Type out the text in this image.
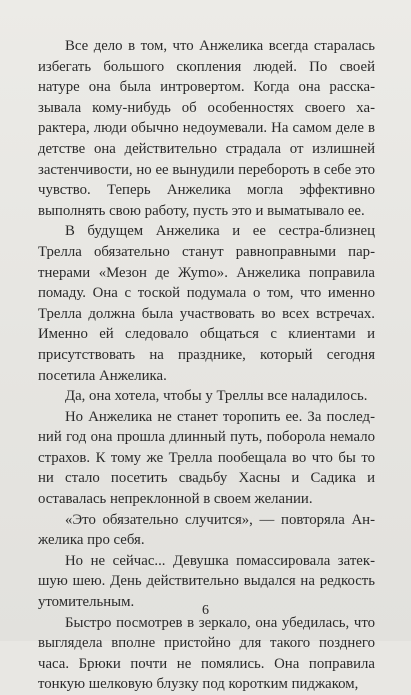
Все дело в том, что Анжелика всегда старалась избегать большого скопления людей. По своей натуре она была интровертом. Когда она рассказывала кому-нибудь об особенностях своего характера, люди обычно недоумевали. На самом деле в детстве она действительно страдала от излишней застенчивости, но ее вынудили перебороть в себе это чувство. Теперь Анжелика могла эффективно выполнять свою работу, пусть это и выматывало ее.

В будущем Анжелика и ее сестра-близнец Трелла обязательно станут равноправными партнерами «Мезон де Жуmo». Анжелика поправила помаду. Она с тоской подумала о том, что именно Трелла должна была участвовать во всех встречах. Именно ей следовало общаться с клиентами и присутствовать на празднике, который сегодня посетила Анжелика.

Да, она хотела, чтобы у Треллы все наладилось.

Но Анжелика не станет торопить ее. За последний год она прошла длинный путь, поборола немало страхов. К тому же Трелла пообещала во что бы то ни стало посетить свадьбу Хасны и Садика и оставалась непреклонной в своем желании.

«Это обязательно случится», — повторяла Анжелика про себя.

Но не сейчас... Девушка помассировала затекшую шею. День действительно выдался на редкость утомительным.

Быстро посмотрев в зеркало, она убедилась, что выглядела вполне пристойно для такого позднего часа. Брюки почти не помялись. Она поправила тонкую шелковую блузку под коротким пиджаком,

6
